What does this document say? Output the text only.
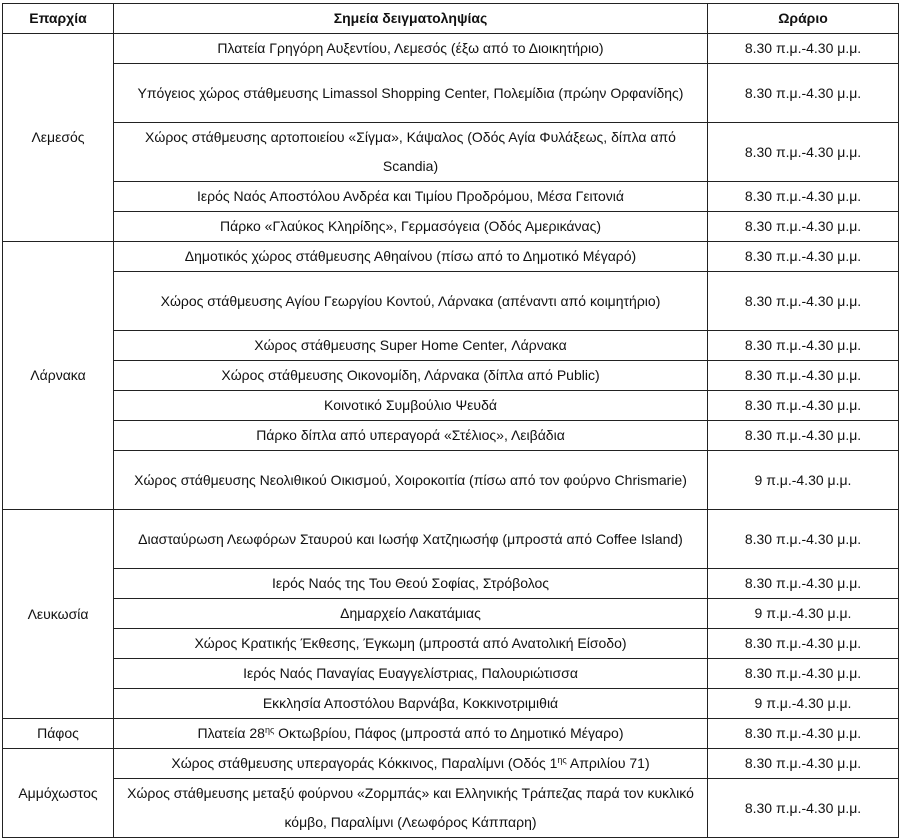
Επαρχία	Σημεία δειγματοληψίας	Ωράριο
Λεμεσός	Πλατεία Γρηγόρη Αυξεντίου, Λεμεσός (έξω από το Διοικητήριο)	8.30 π.μ.-4.30 μ.μ.
	Υπόγειος χώρος στάθμευσης Limassol Shopping Center, Πολεμίδια (πρώην Ορφανίδης)	8.30 π.μ.-4.30 μ.μ.
	Χώρος στάθμευσης αρτοποιείου «Σίγμα», Κάψαλος (Οδός Αγία Φυλάξεως, δίπλα από Scandia)	8.30 π.μ.-4.30 μ.μ.
	Ιερός Ναός Αποστόλου Ανδρέα και Τιμίου Προδρόμου, Μέσα Γειτονιά	8.30 π.μ.-4.30 μ.μ.
	Πάρκο «Γλαύκος Κληρίδης», Γερμασόγεια (Οδός Αμερικάνας)	8.30 π.μ.-4.30 μ.μ.
Λάρνακα	Δημοτικός χώρος στάθμευσης Αθηαίνου (πίσω από το Δημοτικό Μέγαρό)	8.30 π.μ.-4.30 μ.μ.
	Χώρος στάθμευσης Αγίου Γεωργίου Κοντού, Λάρνακα (απέναντι από κοιμητήριο)	8.30 π.μ.-4.30 μ.μ.
	Χώρος στάθμευσης Super Home Center, Λάρνακα	8.30 π.μ.-4.30 μ.μ.
	Χώρος στάθμευσης Οικονομίδη, Λάρνακα (δίπλα από Public)	8.30 π.μ.-4.30 μ.μ.
	Κοινοτικό Συμβούλιο Ψευδά	8.30 π.μ.-4.30 μ.μ.
	Πάρκο δίπλα από υπεραγορά «Στέλιος», Λειβάδια	8.30 π.μ.-4.30 μ.μ.
	Χώρος στάθμευσης Νεολιθικού Οικισμού, Χοιροκοιτία (πίσω από τον φούρνο Chrismarie)	9 π.μ.-4.30 μ.μ.
Λευκωσία	Διασταύρωση Λεωφόρων Σταυρού και Ιωσήφ Χατζηιωσήφ (μπροστά από Coffee Island)	8.30 π.μ.-4.30 μ.μ.
	Ιερός Ναός της Του Θεού Σοφίας, Στρόβολος	8.30 π.μ.-4.30 μ.μ.
	Δημαρχείο Λακατάμιας	9 π.μ.-4.30 μ.μ.
	Χώρος Κρατικής Έκθεσης, Έγκωμη (μπροστά από Ανατολική Είσοδο)	8.30 π.μ.-4.30 μ.μ.
	Ιερός Ναός Παναγίας Ευαγγελίστριας, Παλουριώτισσα	8.30 π.μ.-4.30 μ.μ.
	Εκκλησία Αποστόλου Βαρνάβα, Κοκκινοτριμιθιά	9 π.μ.-4.30 μ.μ.
Πάφος	Πλατεία $28^{\eta\varsigma}$ Οκτωβρίου, Πάφος (μπροστά από το Δημοτικό Μέγαρο)	8.30 π.μ.-4.30 μ.μ.
Αμμόχωστος	Χώρος στάθμευσης υπεραγοράς Κόκκινος, Παραλίμνι (Οδός $1^{\eta\varsigma}$ Απριλίου 71)	8.30 π.μ.-4.30 μ.μ.
	Χώρος στάθμευσης μεταξύ φούρνου «Ζορμπάς» και Ελληνικής Τράπεζας παρά τον κυκλικό κόμβο, Παραλίμνι (Λεωφόρος Κάππαρη)	8.30 π.μ.-4.30 μ.μ.
